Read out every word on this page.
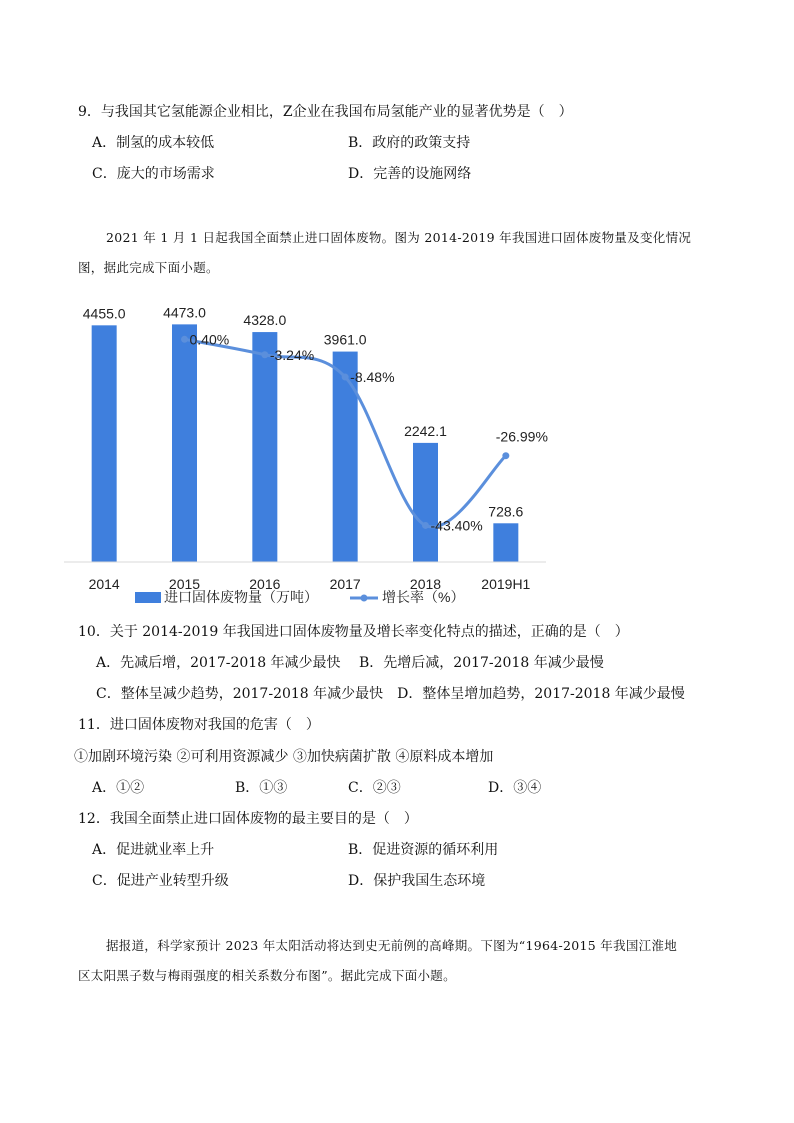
9．与我国其它氢能源企业相比，Z企业在我国布局氢能产业的显著优势是（　）
A．制氢的成本较低	B．政府的政策支持
C．庞大的市场需求	D．完善的设施网络
2021 年 1 月 1 日起我国全面禁止进口固体废物。图为 2014-2019 年我国进口固体废物量及变化情况
图，据此完成下面小题。
4455.0	4473.0	4328.0
3961.0
2242.1
728.6
0.40%
-3.24%
-8.48%
-43.40%
-26.99%
2014	2015	2016	2017	2018	2019H1
进口固体废物量（万吨）	增长率（%）
10．关于 2014-2019 年我国进口固体废物量及增长率变化特点的描述，正确的是（　）
A．先减后增，2017-2018 年减少最快　 B．先增后减，2017-2018 年减少最慢
C．整体呈减少趋势，2017-2018 年减少最快　D．整体呈增加趋势，2017-2018 年减少最慢
11．进口固体废物对我国的危害（　）
①加剧环境污染 ②可利用资源减少 ③加快病菌扩散 ④原料成本增加
A．①②	B．①③	C．②③	D．③④
12．我国全面禁止进口固体废物的最主要目的是（　）
A．促进就业率上升	B．促进资源的循环利用
C．促进产业转型升级	D．保护我国生态环境
据报道，科学家预计 2023 年太阳活动将达到史无前例的高峰期。下图为“1964-2015 年我国江淮地
区太阳黑子数与梅雨强度的相关系数分布图”。据此完成下面小题。
